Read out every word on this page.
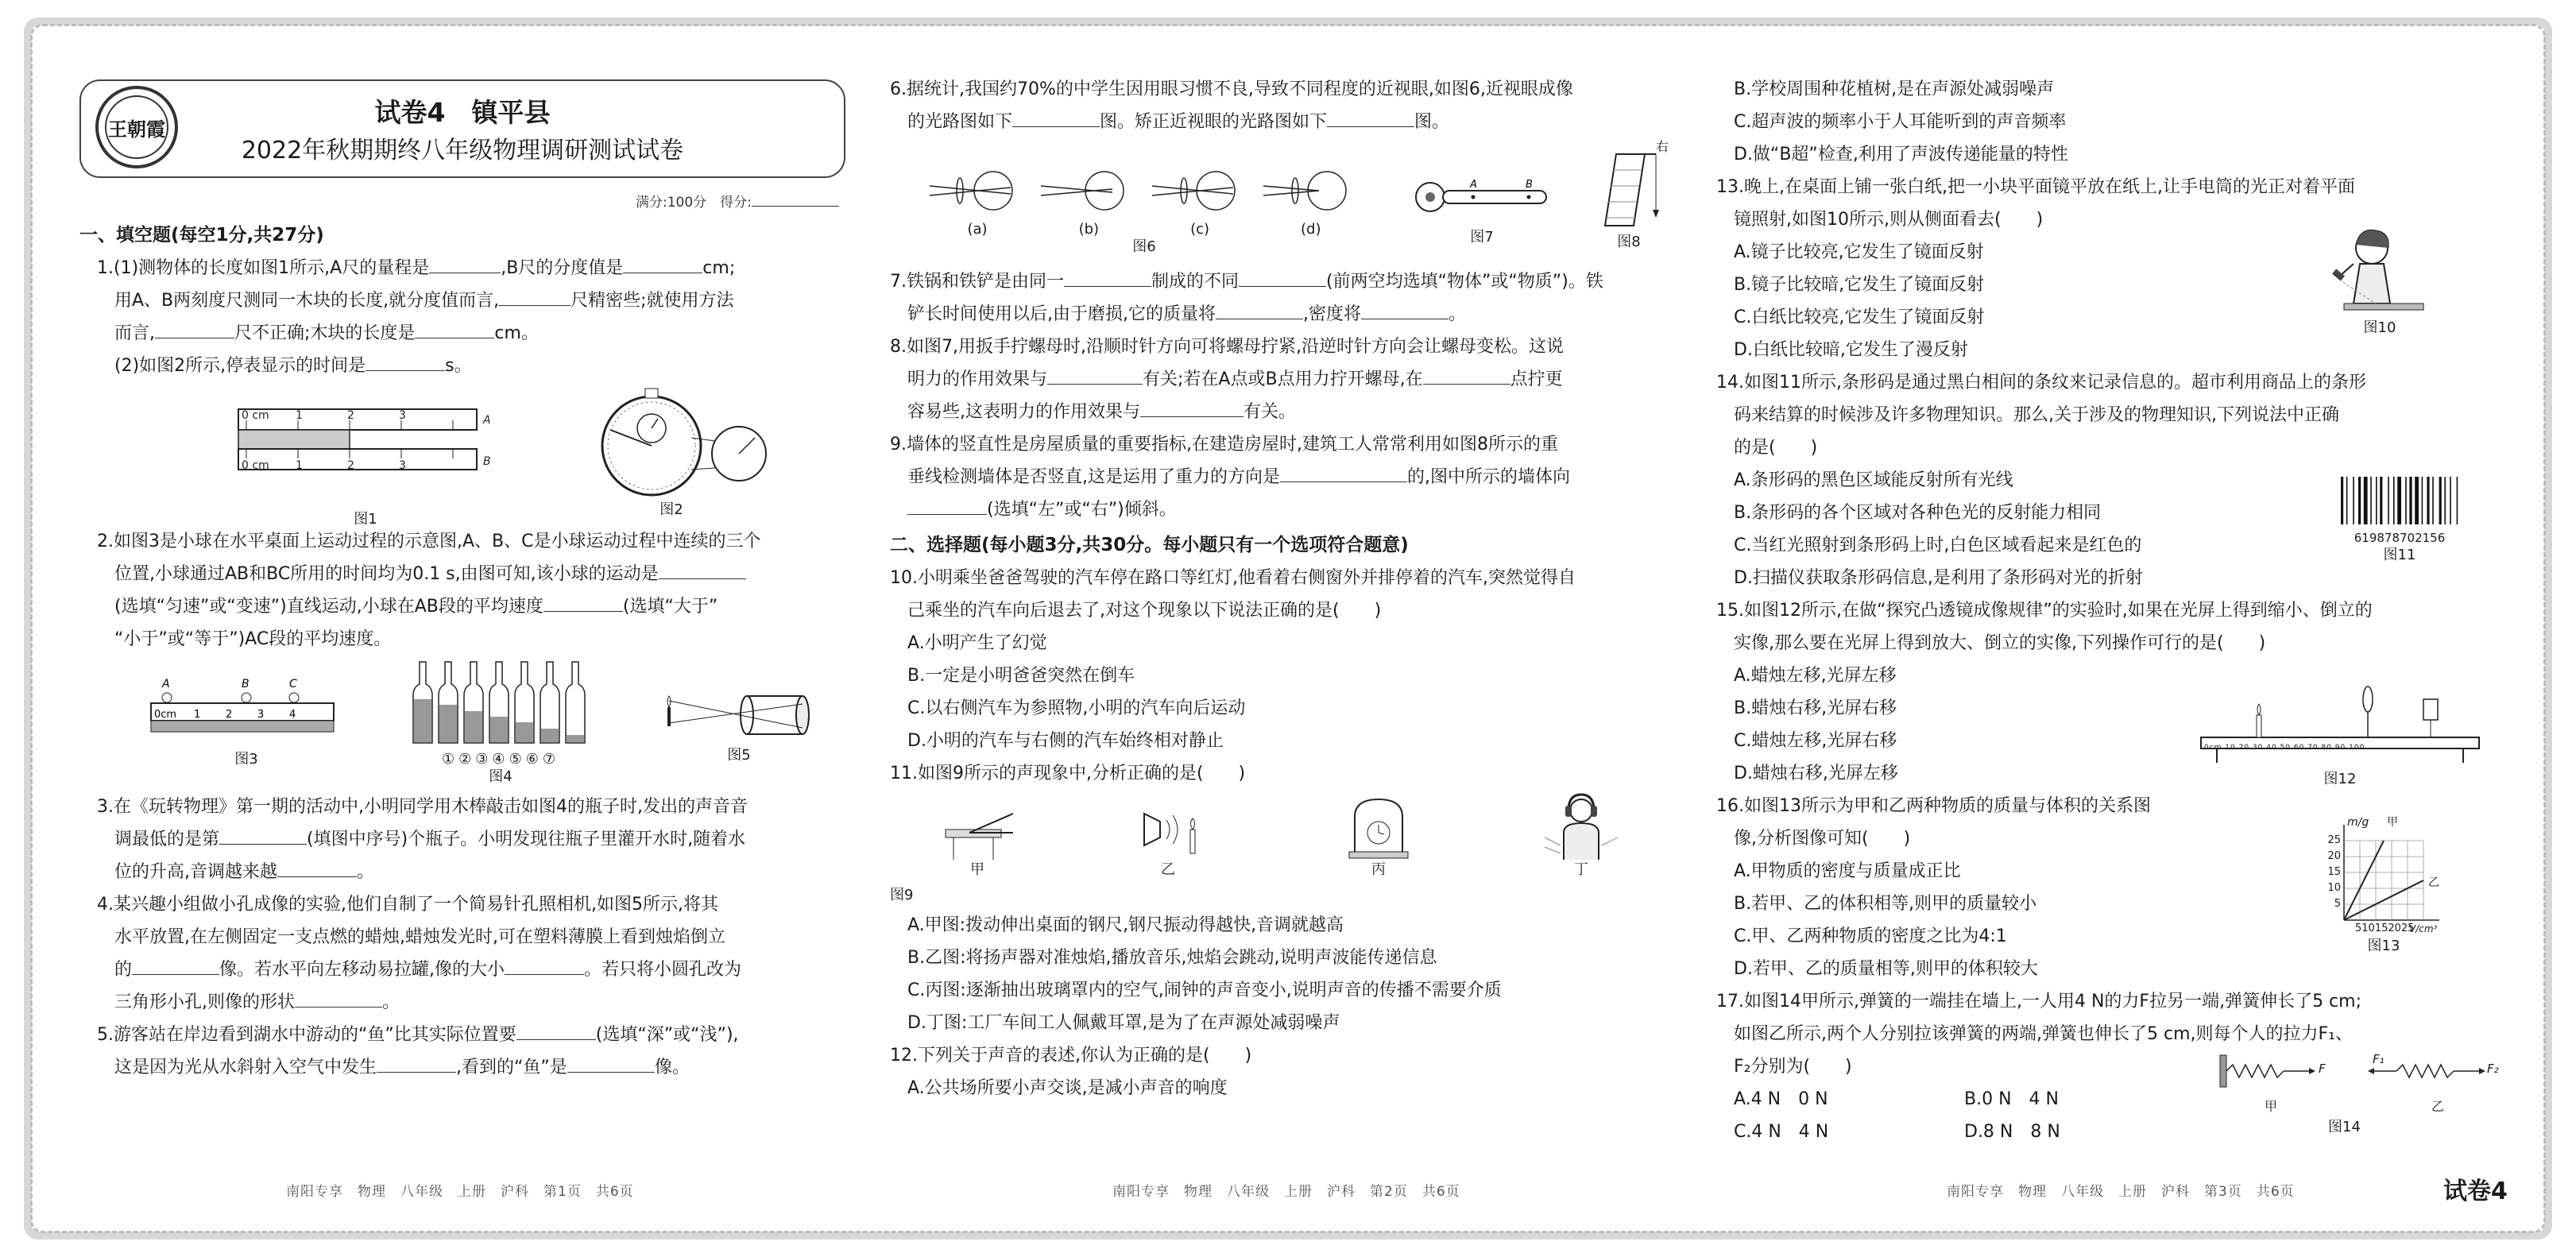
王朝霞
试卷4　镇平县
2022年秋期期终八年级物理调研测试试卷
满分:100分　得分:
一、填空题(每空1分,共27分)
1.(1)测物体的长度如图1所示,A尺的量程是	,B尺的分度值是	cm;
用A、B两刻度尺测同一木块的长度,就分度值而言,	尺精密些;就使用方法
而言,	尺不正确;木块的长度是	cm。
(2)如图2所示,停表显示的时间是	s。
0 cm 1	2	3
0 cm 1	2	3
A
B
图1
图2
2.如图3是小球在水平桌面上运动过程的示意图,A、B、C是小球运动过程中连续的三个
位置,小球通过AB和BC所用的时间均为0.1 s,由图可知,该小球的运动是
(选填“匀速”或“变速”)直线运动,小球在AB段的平均速度	(选填“大于”
“小于”或“等于”)AC段的平均速度。
A	B	C
0cm 1 2 3 4
图3	①②③④⑤⑥⑦
图4
图5
3.在《玩转物理》第一期的活动中,小明同学用木棒敲击如图4的瓶子时,发出的声音音
调最低的是第	(填图中序号)个瓶子。小明发现往瓶子里灌开水时,随着水
位的升高,音调越来越	。
4.某兴趣小组做小孔成像的实验,他们自制了一个简易针孔照相机,如图5所示,将其
水平放置,在左侧固定一支点燃的蜡烛,蜡烛发光时,可在塑料薄膜上看到烛焰倒立
的	像。若水平向左移动易拉罐,像的大小	。若只将小圆孔改为
三角形小孔,则像的形状	。
5.游客站在岸边看到湖水中游动的“鱼”比其实际位置要	(选填“深”或“浅”),
这是因为光从水斜射入空气中发生	,看到的“鱼”是	像。
南阳专享　物理　八年级　上册　沪科　第1页　共6页
6.据统计,我国约70%的中学生因用眼习惯不良,导致不同程度的近视眼,如图6,近视眼成像
的光路图如下	图。矫正近视眼的光路图如下	图。
(a)	(b)	(c)	(d)
图6
A	B
图7
右
图8
7.铁锅和铁铲是由同一	制成的不同	(前两空均选填“物体”或“物质”)。铁
铲长时间使用以后,由于磨损,它的质量将	,密度将	。
8.如图7,用扳手拧螺母时,沿顺时针方向可将螺母拧紧,沿逆时针方向会让螺母变松。这说
明力的作用效果与	有关;若在A点或B点用力拧开螺母,在	点拧更
容易些,这表明力的作用效果与	有关。
9.墙体的竖直性是房屋质量的重要指标,在建造房屋时,建筑工人常常利用如图8所示的重
垂线检测墙体是否竖直,这是运用了重力的方向是	的,图中所示的墙体向
(选填“左”或“右”)倾斜。
二、选择题(每小题3分,共30分。每小题只有一个选项符合题意)
10.小明乘坐爸爸驾驶的汽车停在路口等红灯,他看着右侧窗外并排停着的汽车,突然觉得自
己乘坐的汽车向后退去了,对这个现象以下说法正确的是(　　)
A.小明产生了幻觉
B.一定是小明爸爸突然在倒车
C.以右侧汽车为参照物,小明的汽车向后运动
D.小明的汽车与右侧的汽车始终相对静止
11.如图9所示的声现象中,分析正确的是(　　)
甲	乙	丙	丁
图9
A.甲图:拨动伸出桌面的钢尺,钢尺振动得越快,音调就越高
B.乙图:将扬声器对准烛焰,播放音乐,烛焰会跳动,说明声波能传递信息
C.丙图:逐渐抽出玻璃罩内的空气,闹钟的声音变小,说明声音的传播不需要介质
D.丁图:工厂车间工人佩戴耳罩,是为了在声源处减弱噪声
12.下列关于声音的表述,你认为正确的是(　　)
A.公共场所要小声交谈,是减小声音的响度
南阳专享　物理　八年级　上册　沪科　第2页　共6页
B.学校周围种花植树,是在声源处减弱噪声
C.超声波的频率小于人耳能听到的声音频率
D.做“B超”检查,利用了声波传递能量的特性
13.晚上,在桌面上铺一张白纸,把一小块平面镜平放在纸上,让手电筒的光正对着平面
镜照射,如图10所示,则从侧面看去(　　)
A.镜子比较亮,它发生了镜面反射
B.镜子比较暗,它发生了镜面反射
C.白纸比较亮,它发生了镜面反射
D.白纸比较暗,它发生了漫反射
14.如图11所示,条形码是通过黑白相间的条纹来记录信息的。超市利用商品上的条形
码来结算的时候涉及许多物理知识。那么,关于涉及的物理知识,下列说法中正确
的是(　　)
A.条形码的黑色区域能反射所有光线
B.条形码的各个区域对各种色光的反射能力相同
C.当红光照射到条形码上时,白色区域看起来是红色的
D.扫描仪获取条形码信息,是利用了条形码对光的折射
15.如图12所示,在做“探究凸透镜成像规律”的实验时,如果在光屏上得到缩小、倒立的
实像,那么要在光屏上得到放大、倒立的实像,下列操作可行的是(　　)
A.蜡烛左移,光屏左移
B.蜡烛右移,光屏右移
C.蜡烛左移,光屏右移
D.蜡烛右移,光屏左移
16.如图13所示为甲和乙两种物质的质量与体积的关系图
像,分析图像可知(　　)
A.甲物质的密度与质量成正比
B.若甲、乙的体积相等,则甲的质量较小
C.甲、乙两种物质的密度之比为4:1
D.若甲、乙的质量相等,则甲的体积较大
17.如图14甲所示,弹簧的一端挂在墙上,一人用4 N的力F拉另一端,弹簧伸长了5 cm;
如图乙所示,两个人分别拉该弹簧的两端,弹簧也伸长了5 cm,则每个人的拉力F₁、
F₂分别为(　　)
A.4 N　0 N	B.0 N　4 N
C.4 N　4 N	D.8 N　8 N
图10
619878702156
图11
0cm 10 20 30 40 50 60 70 80 90 100
图12
m/g 甲
乙
25
20
15
10
5
510152025
V/cm³
图13
F
F₁
F₂
甲	乙
图14
南阳专享　物理　八年级　上册　沪科　第3页　共6页	试卷4
